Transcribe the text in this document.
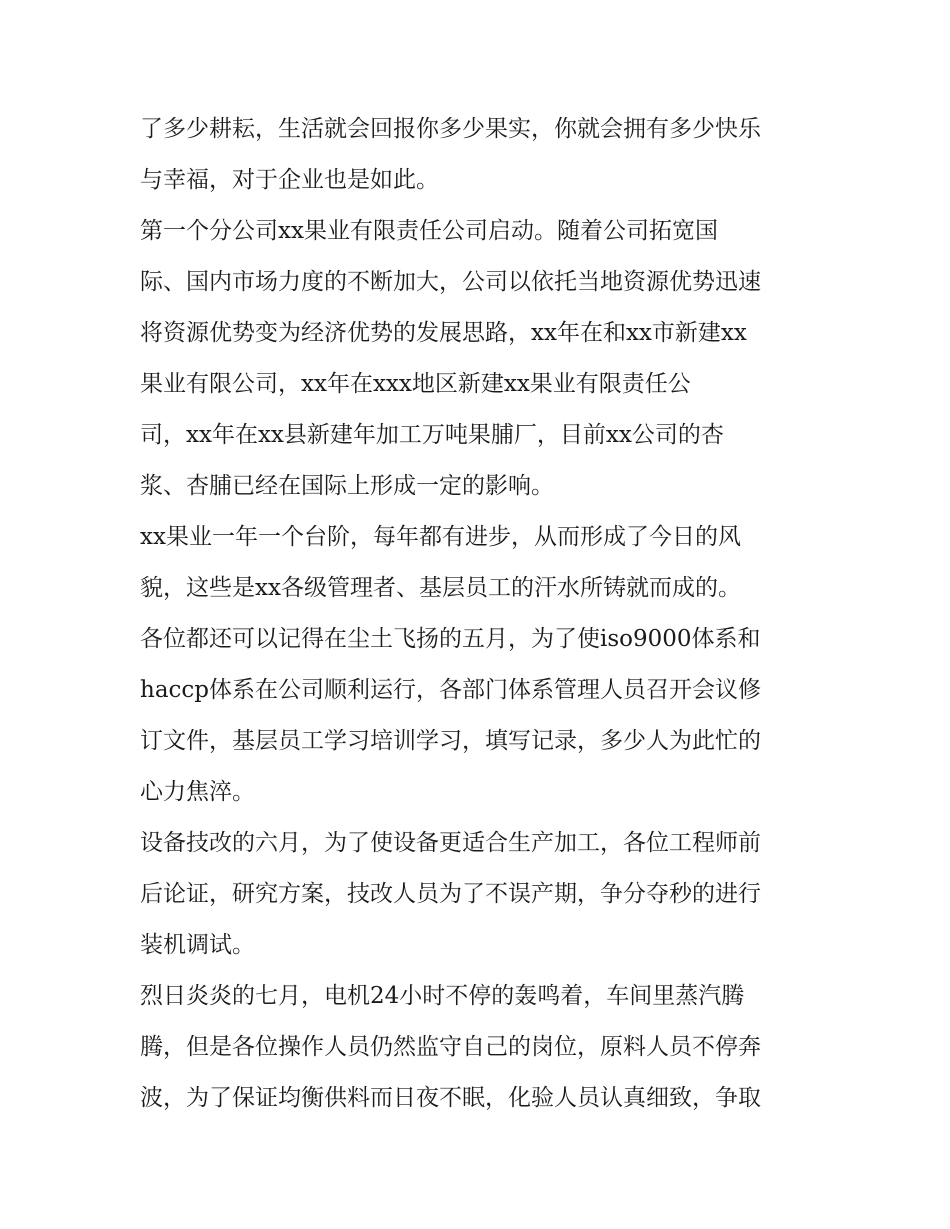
了多少耕耘，生活就会回报你多少果实，你就会拥有多少快乐
与幸福，对于企业也是如此。
第一个分公司xx果业有限责任公司启动。随着公司拓宽国
际、国内市场力度的不断加大，公司以依托当地资源优势迅速
将资源优势变为经济优势的发展思路，xx年在和xx市新建xx
果业有限公司，xx年在xxx地区新建xx果业有限责任公
司，xx年在xx县新建年加工万吨果脯厂，目前xx公司的杏
浆、杏脯已经在国际上形成一定的影响。
xx果业一年一个台阶，每年都有进步，从而形成了今日的风
貌，这些是xx各级管理者、基层员工的汗水所铸就而成的。
各位都还可以记得在尘土飞扬的五月，为了使iso9000体系和
haccp体系在公司顺利运行，各部门体系管理人员召开会议修
订文件，基层员工学习培训学习，填写记录，多少人为此忙的
心力焦淬。
设备技改的六月，为了使设备更适合生产加工，各位工程师前
后论证，研究方案，技改人员为了不误产期，争分夺秒的进行
装机调试。
烈日炎炎的七月，电机24小时不停的轰鸣着，车间里蒸汽腾
腾，但是各位操作人员仍然监守自己的岗位，原料人员不停奔
波，为了保证均衡供料而日夜不眠，化验人员认真细致，争取
